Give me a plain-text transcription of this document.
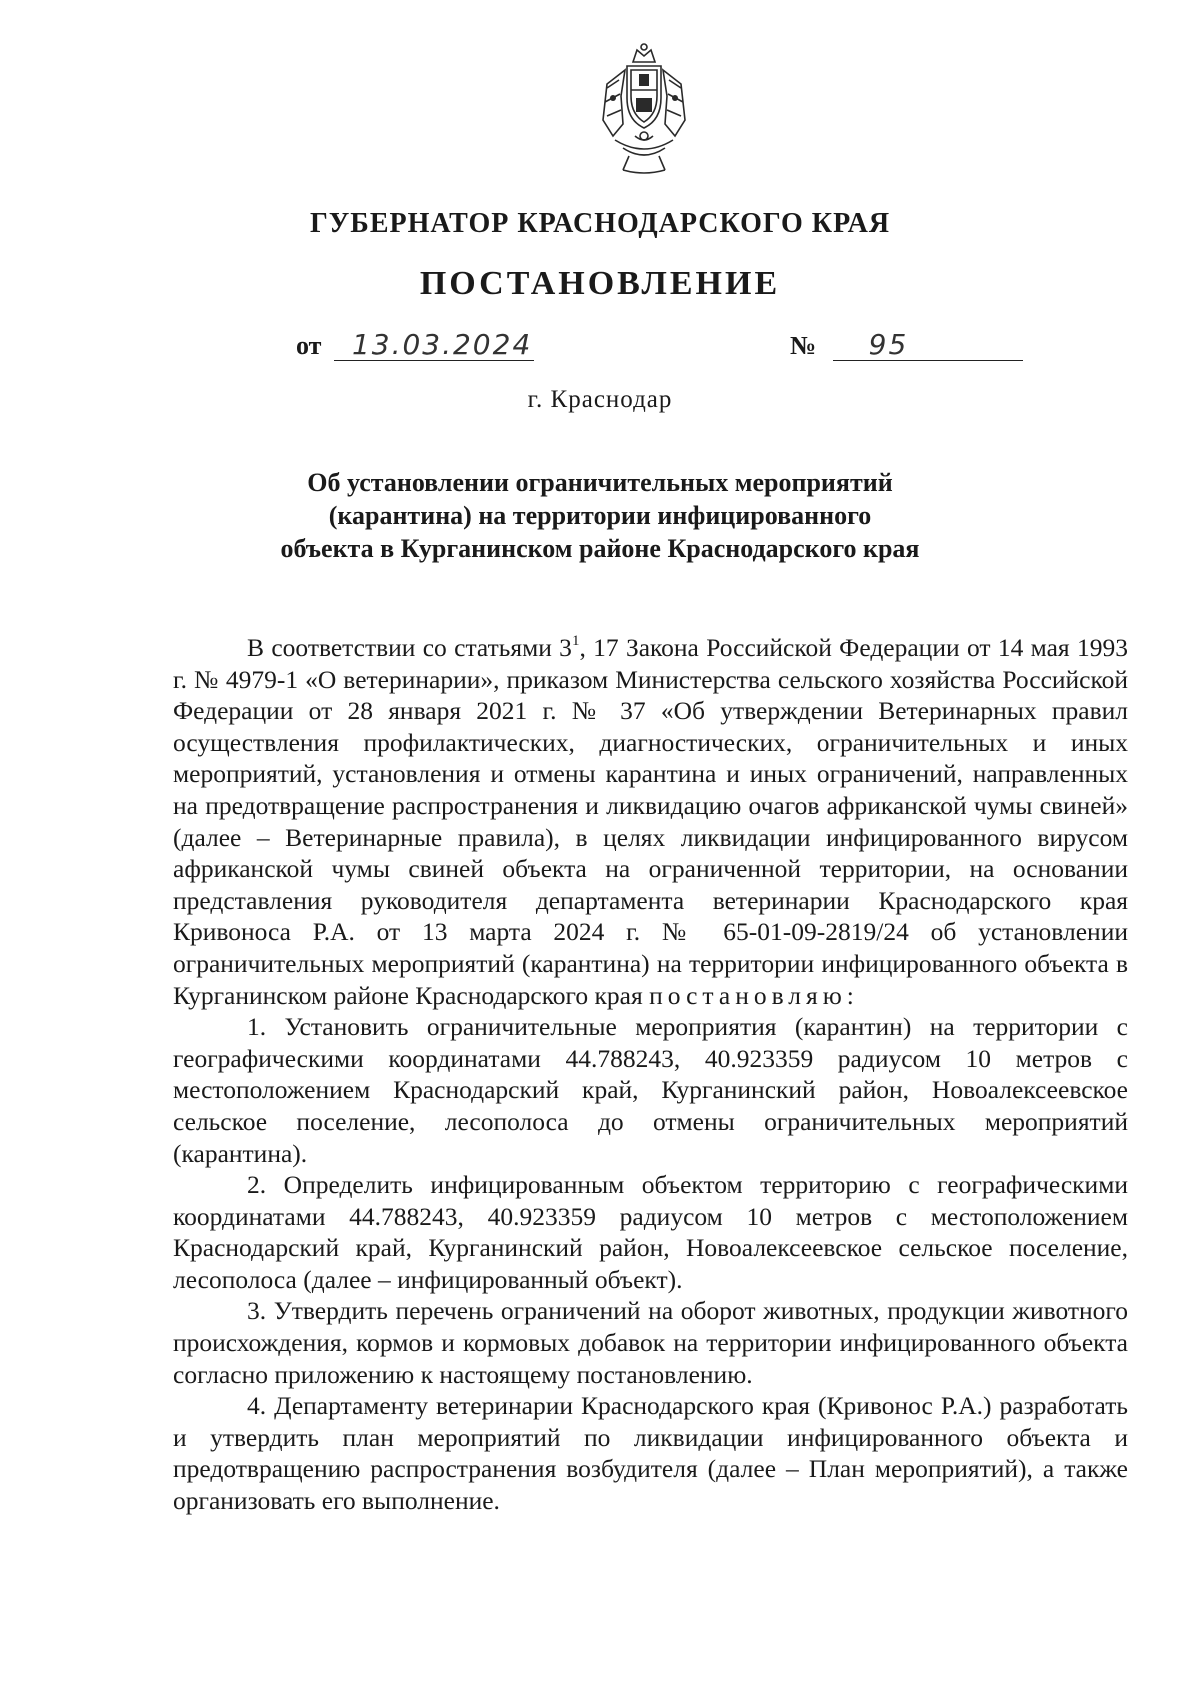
ГУБЕРНАТОР КРАСНОДАРСКОГО КРАЯ
ПОСТАНОВЛЕНИЕ
от 13.03.2024	№ 95
г. Краснодар
Об установлении ограничительных мероприятий
(карантина) на территории инфицированного
объекта в Курганинском районе Краснодарского края

В соответствии со статьями $3^1$, 17 Закона Российской Федерации от 14 мая 1993 г. № 4979-1 «О ветеринарии», приказом Министерства сельского хозяйства Российской Федерации от 28 января 2021 г. № 37 «Об утверждении Ветеринарных правил осуществления профилактических, диагностических, ограничительных и иных мероприятий, установления и отмены карантина и иных ограничений, направленных на предотвращение распространения и ликвидацию очагов африканской чумы свиней» (далее – Ветеринарные правила), в целях ликвидации инфицированного вирусом африканской чумы свиней объекта на ограниченной территории, на основании представления руководителя департамента ветеринарии Краснодарского края Кривоноса Р.А. от 13 марта 2024 г. № 65-01-09-2819/24 об установлении ограничительных мероприятий (карантина) на территории инфицированного объекта в Курганинском районе Краснодарского края постановляю:

1. Установить ограничительные мероприятия (карантин) на территории с географическими координатами 44.788243, 40.923359 радиусом 10 метров с местоположением Краснодарский край, Курганинский район, Новоалексеевское сельское поселение, лесополоса до отмены ограничительных мероприятий (карантина).

2. Определить инфицированным объектом территорию с географическими координатами 44.788243, 40.923359 радиусом 10 метров с местоположением Краснодарский край, Курганинский район, Новоалексеевское сельское поселение, лесополоса (далее – инфицированный объект).

3. Утвердить перечень ограничений на оборот животных, продукции животного происхождения, кормов и кормовых добавок на территории инфицированного объекта согласно приложению к настоящему постановлению.

4. Департаменту ветеринарии Краснодарского края (Кривонос Р.А.) разработать и утвердить план мероприятий по ликвидации инфицированного объекта и предотвращению распространения возбудителя (далее – План мероприятий), а также организовать его выполнение.
